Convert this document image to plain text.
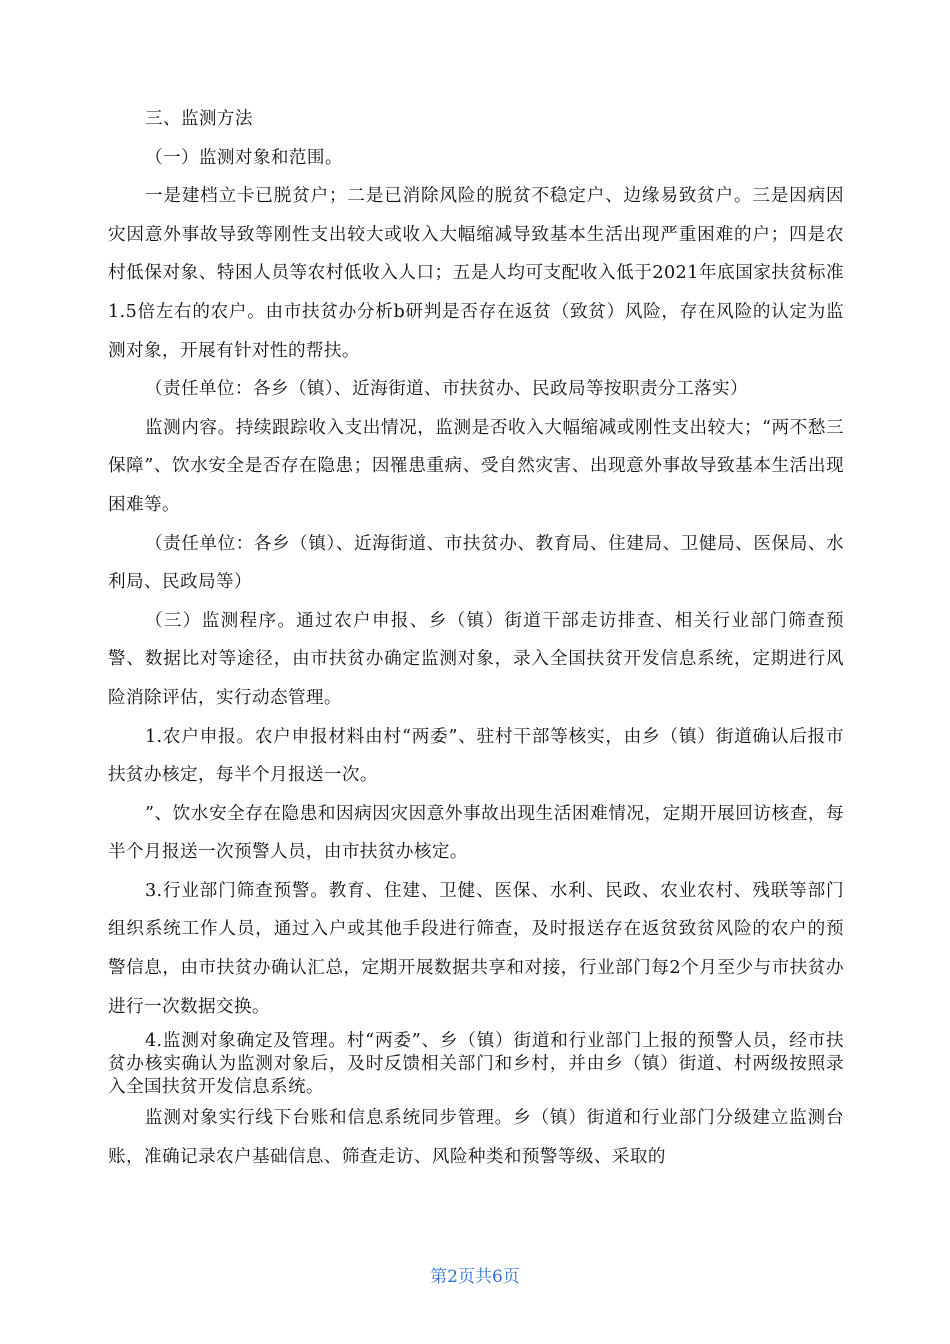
三、监测方法

（一）监测对象和范围。

一是建档立卡已脱贫户；二是已消除风险的脱贫不稳定户、边缘易致贫户。三是因病因灾因意外事故导致等刚性支出较大或收入大幅缩减导致基本生活出现严重困难的户；四是农村低保对象、特困人员等农村低收入人口；五是人均可支配收入低于2021年底国家扶贫标准1.5倍左右的农户。由市扶贫办分析b研判是否存在返贫（致贫）风险，存在风险的认定为监测对象，开展有针对性的帮扶。

（责任单位：各乡（镇）、近海街道、市扶贫办、民政局等按职责分工落实）

监测内容。持续跟踪收入支出情况，监测是否收入大幅缩减或刚性支出较大；“两不愁三保障”、饮水安全是否存在隐患；因罹患重病、受自然灾害、出现意外事故导致基本生活出现困难等。

（责任单位：各乡（镇）、近海街道、市扶贫办、教育局、住建局、卫健局、医保局、水利局、民政局等）

（三）监测程序。通过农户申报、乡（镇）街道干部走访排查、相关行业部门筛查预警、数据比对等途径，由市扶贫办确定监测对象，录入全国扶贫开发信息系统，定期进行风险消除评估，实行动态管理。

1.农户申报。农户申报材料由村“两委”、驻村干部等核实，由乡（镇）街道确认后报市扶贫办核定，每半个月报送一次。

”、饮水安全存在隐患和因病因灾因意外事故出现生活困难情况，定期开展回访核查，每半个月报送一次预警人员，由市扶贫办核定。

3.行业部门筛查预警。教育、住建、卫健、医保、水利、民政、农业农村、残联等部门组织系统工作人员，通过入户或其他手段进行筛查，及时报送存在返贫致贫风险的农户的预警信息，由市扶贫办确认汇总，定期开展数据共享和对接，行业部门每2个月至少与市扶贫办进行一次数据交换。

4.监测对象确定及管理。村“两委”、乡（镇）街道和行业部门上报的预警人员，经市扶贫办核实确认为监测对象后，及时反馈相关部门和乡村，并由乡（镇）街道、村两级按照录入全国扶贫开发信息系统。

监测对象实行线下台账和信息系统同步管理。乡（镇）街道和行业部门分级建立监测台账，准确记录农户基础信息、筛查走访、风险种类和预警等级、采取的

第2页共6页
